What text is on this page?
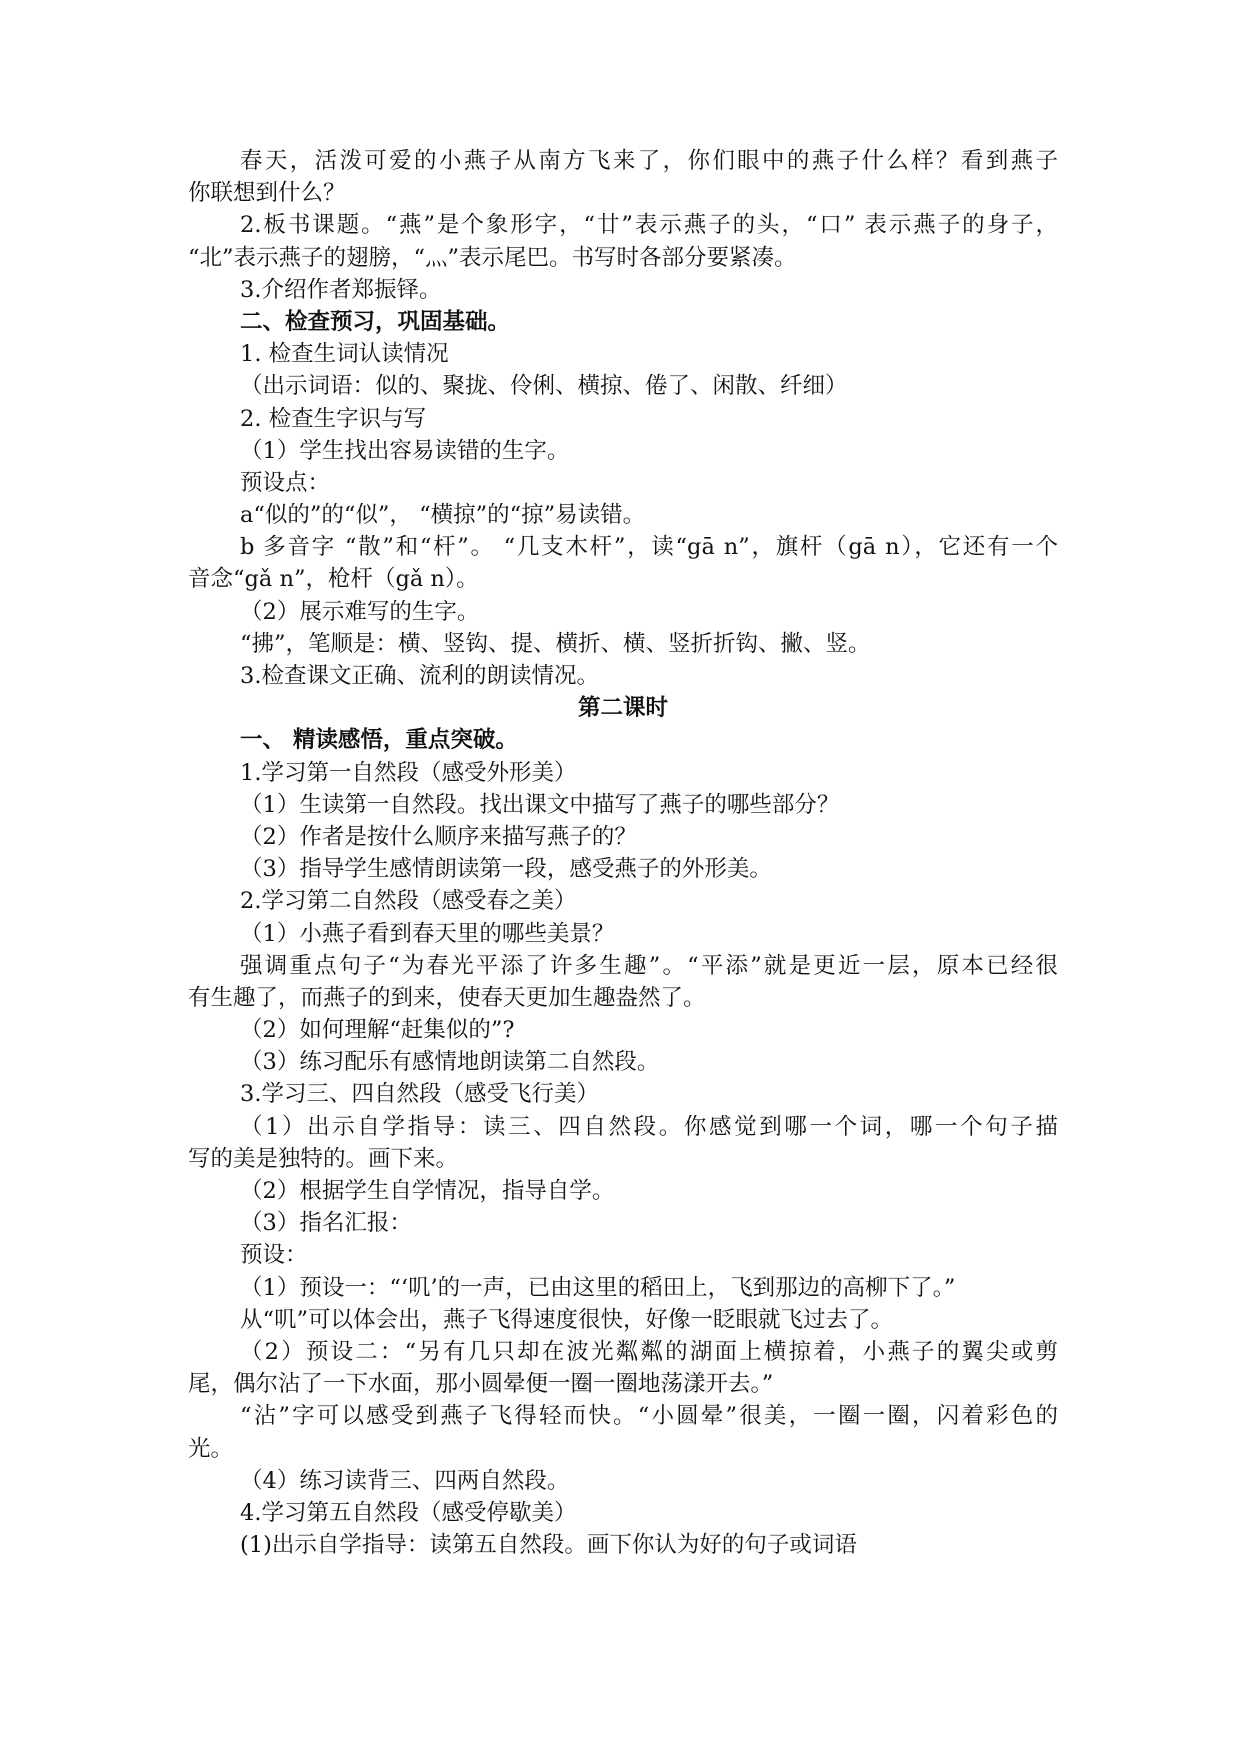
春天，活泼可爱的小燕子从南方飞来了，你们眼中的燕子什么样？看到燕子
你联想到什么？
2.板书课题。“燕”是个象形字，“廿”表示燕子的头，“口” 表示燕子的身子，
“北”表示燕子的翅膀，“灬”表示尾巴。书写时各部分要紧凑。
3.介绍作者郑振铎。
二、检查预习，巩固基础。
1. 检查生词认读情况
（出示词语：似的、聚拢、伶俐、横掠、倦了、闲散、纤细）
2. 检查生字识与写
（1）学生找出容易读错的生字。
预设点：
a“似的”的“似”， “横掠”的“掠”易读错。
b 多音字 “散”和“杆”。 “几支木杆”，读“gā n”，旗杆（gā n），它还有一个
音念“gǎ n”，枪杆（gǎ n）。
（2）展示难写的生字。
“拂”，笔顺是：横、竖钩、提、横折、横、竖折折钩、撇、竖。
3.检查课文正确、流利的朗读情况。
第二课时
一、 精读感悟，重点突破。
1.学习第一自然段（感受外形美）
（1）生读第一自然段。找出课文中描写了燕子的哪些部分？
（2）作者是按什么顺序来描写燕子的？
（3）指导学生感情朗读第一段，感受燕子的外形美。
2.学习第二自然段（感受春之美）
（1）小燕子看到春天里的哪些美景？
强调重点句子“为春光平添了许多生趣”。“平添”就是更近一层，原本已经很
有生趣了，而燕子的到来，使春天更加生趣盎然了。
（2）如何理解“赶集似的”?
（3）练习配乐有感情地朗读第二自然段。
3.学习三、四自然段（感受飞行美）
（1）出示自学指导：读三、四自然段。你感觉到哪一个词，哪一个句子描
写的美是独特的。画下来。
（2）根据学生自学情况，指导自学。
（3）指名汇报：
预设：
（1）预设一：“‘叽’的一声，已由这里的稻田上，飞到那边的高柳下了。”
从“叽”可以体会出，燕子飞得速度很快，好像一眨眼就飞过去了。
（2）预设二：“另有几只却在波光粼粼的湖面上横掠着，小燕子的翼尖或剪
尾，偶尔沾了一下水面，那小圆晕便一圈一圈地荡漾开去。”
“沾”字可以感受到燕子飞得轻而快。“小圆晕”很美，一圈一圈，闪着彩色的
光。
（4）练习读背三、四两自然段。
4.学习第五自然段（感受停歇美）
(1)出示自学指导：读第五自然段。画下你认为好的句子或词语
